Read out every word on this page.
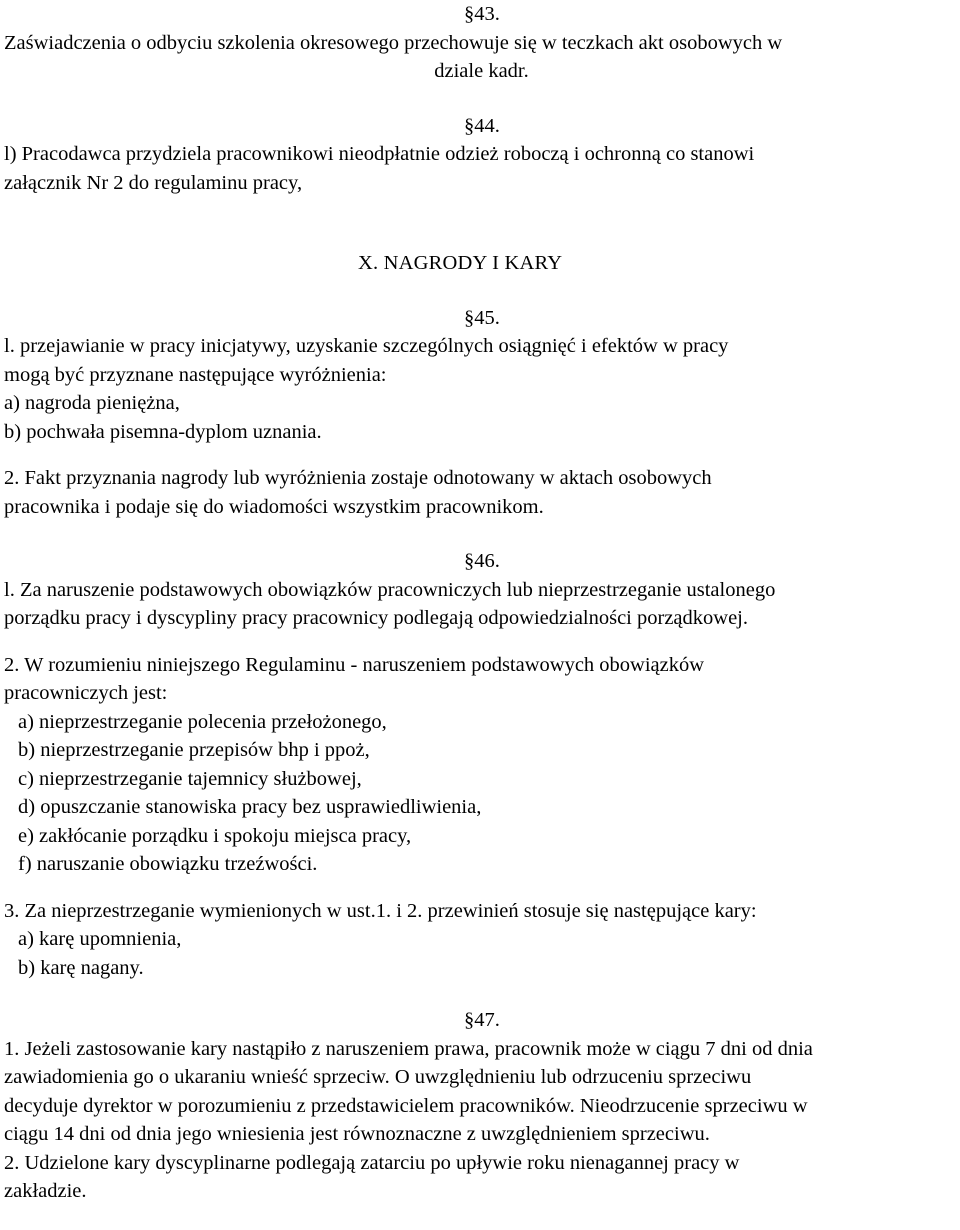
§43.
Zaświadczenia o odbyciu szkolenia okresowego przechowuje się w teczkach akt osobowych w
dziale kadr.
§44.
l) Pracodawca przydziela pracownikowi nieodpłatnie odzież roboczą i ochronną co stanowi
załącznik Nr 2 do regulaminu pracy,
X. NAGRODY I KARY
§45.
l. przejawianie w pracy inicjatywy, uzyskanie szczególnych osiągnięć i efektów w pracy
mogą być przyznane następujące wyróżnienia:
a) nagroda pieniężna,
b) pochwała pisemna-dyplom uznania.
2. Fakt przyznania nagrody lub wyróżnienia zostaje odnotowany w aktach osobowych
pracownika i podaje się do wiadomości wszystkim pracownikom.
§46.
l. Za naruszenie podstawowych obowiązków pracowniczych lub nieprzestrzeganie ustalonego
porządku pracy i dyscypliny pracy pracownicy podlegają odpowiedzialności porządkowej.
2. W rozumieniu niniejszego Regulaminu - naruszeniem podstawowych obowiązków
pracowniczych jest:
a) nieprzestrzeganie polecenia przełożonego,
b) nieprzestrzeganie przepisów bhp i ppoż,
c) nieprzestrzeganie tajemnicy służbowej,
d) opuszczanie stanowiska pracy bez usprawiedliwienia,
e) zakłócanie porządku i spokoju miejsca pracy,
f) naruszanie obowiązku trzeźwości.
3. Za nieprzestrzeganie wymienionych w ust.1. i 2. przewinień stosuje się następujące kary:
a) karę upomnienia,
b) karę nagany.
§47.
1. Jeżeli zastosowanie kary nastąpiło z naruszeniem prawa, pracownik może w ciągu 7 dni od dnia
zawiadomienia go o ukaraniu wnieść sprzeciw. O uwzględnieniu lub odrzuceniu sprzeciwu
decyduje dyrektor w porozumieniu z przedstawicielem pracowników. Nieodrzucenie sprzeciwu w
ciągu 14 dni od dnia jego wniesienia jest równoznaczne z uwzględnieniem sprzeciwu.
2. Udzielone kary dyscyplinarne podlegają zatarciu po upływie roku nienagannej pracy w
zakładzie.
